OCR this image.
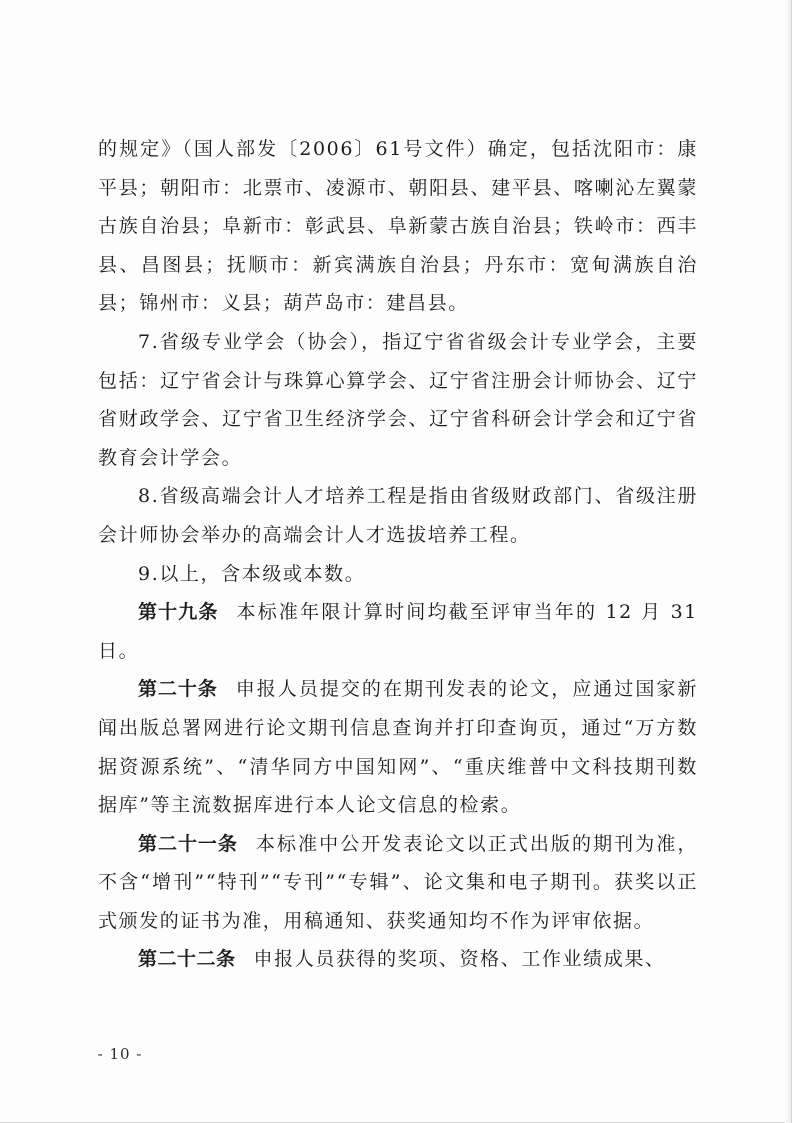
的规定》（国人部发〔2006〕61号文件）确定，包括沈阳市：康平县；朝阳市：北票市、凌源市、朝阳县、建平县、喀喇沁左翼蒙古族自治县；阜新市：彰武县、阜新蒙古族自治县；铁岭市：西丰县、昌图县；抚顺市：新宾满族自治县；丹东市：宽甸满族自治县；锦州市：义县；葫芦岛市：建昌县。

7.省级专业学会（协会），指辽宁省省级会计专业学会，主要包括：辽宁省会计与珠算心算学会、辽宁省注册会计师协会、辽宁省财政学会、辽宁省卫生经济学会、辽宁省科研会计学会和辽宁省教育会计学会。

8.省级高端会计人才培养工程是指由省级财政部门、省级注册会计师协会举办的高端会计人才选拔培养工程。

9.以上，含本级或本数。

第十九条 本标准年限计算时间均截至评审当年的 12 月 31 日。

第二十条 申报人员提交的在期刊发表的论文，应通过国家新闻出版总署网进行论文期刊信息查询并打印查询页，通过“万方数据资源系统”、“清华同方中国知网”、“重庆维普中文科技期刊数据库”等主流数据库进行本人论文信息的检索。

第二十一条 本标准中公开发表论文以正式出版的期刊为准，不含“增刊”“特刊”“专刊”“专辑”、论文集和电子期刊。获奖以正式颁发的证书为准，用稿通知、获奖通知均不作为评审依据。

第二十二条 申报人员获得的奖项、资格、工作业绩成果、

- 10 -
